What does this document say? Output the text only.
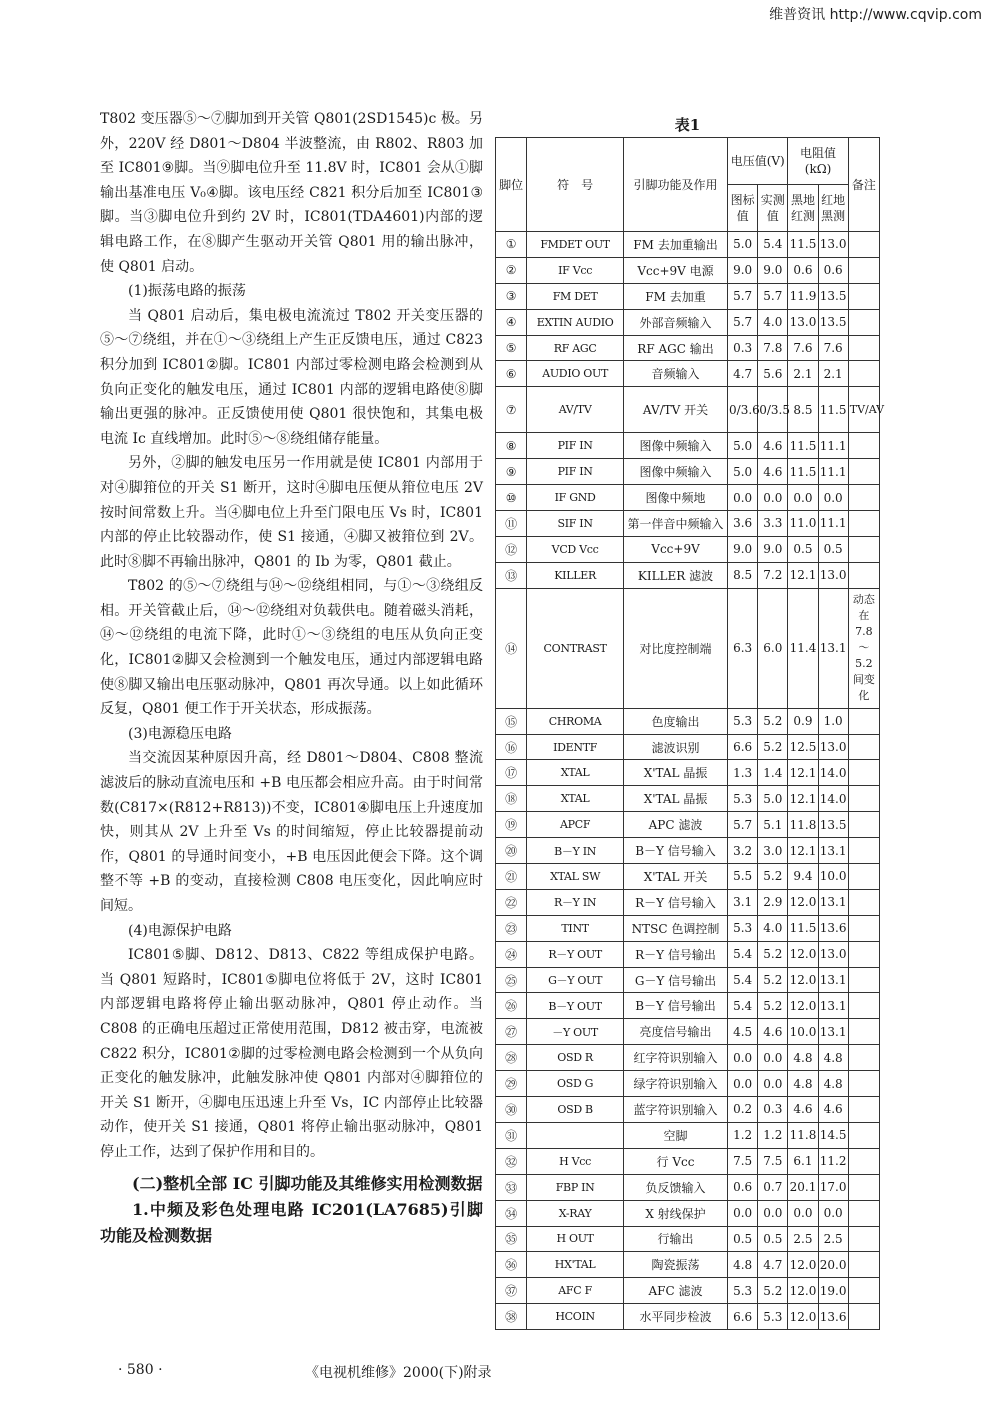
维普资讯 http://www.cqvip.com

T802 变压器⑤～⑦脚加到开关管 Q801(2SD1545)c 极。另外，220V 经 D801～D804 半波整流，由 R802、R803 加至 IC801⑨脚。当⑨脚电位升至 11.8V 时，IC801 会从①脚输出基准电压 V₀④脚。该电压经 C821 积分后加至 IC801③脚。当③脚电位升到约 2V 时，IC801(TDA4601)内部的逻辑电路工作，在⑧脚产生驱动开关管 Q801 用的输出脉冲，使 Q801 启动。

(1)振荡电路的振荡

当 Q801 启动后，集电极电流流过 T802 开关变压器的⑤～⑦绕组，并在①～③绕组上产生正反馈电压，通过 C823 积分加到 IC801②脚。IC801 内部过零检测电路会检测到从负向正变化的触发电压，通过 IC801 内部的逻辑电路使⑧脚输出更强的脉冲。正反馈使用使 Q801 很快饱和，其集电极电流 Ic 直线增加。此时⑤～⑧绕组储存能量。

另外，②脚的触发电压另一作用就是使 IC801 内部用于对④脚箝位的开关 S1 断开，这时④脚电压便从箝位电压 2V 按时间常数上升。当④脚电位上升至门限电压 Vs 时，IC801 内部的停止比较器动作，使 S1 接通，④脚又被箝位到 2V。此时⑧脚不再输出脉冲，Q801 的 Ib 为零，Q801 截止。

T802 的⑤～⑦绕组与⑭～⑫绕组相同，与①～③绕组反相。开关管截止后，⑭～⑫绕组对负载供电。随着磁头消耗，⑭～⑫绕组的电流下降，此时①～③绕组的电压从负向正变化，IC801②脚又会检测到一个触发电压，通过内部逻辑电路使⑧脚又输出电压驱动脉冲，Q801 再次导通。以上如此循环反复，Q801 便工作于开关状态，形成振荡。

(3)电源稳压电路

当交流因某种原因升高，经 D801～D804、C808 整流滤波后的脉动直流电压和 +B 电压都会相应升高。由于时间常数(C817×(R812+R813))不变，IC801④脚电压上升速度加快，则其从 2V 上升至 Vs 的时间缩短，停止比较器提前动作，Q801 的导通时间变小，+B 电压因此便会下降。这个调整不等 +B 的变动，直接检测 C808 电压变化，因此响应时间短。

(4)电源保护电路

IC801⑤脚、D812、D813、C822 等组成保护电路。当 Q801 短路时，IC801⑤脚电位将低于 2V，这时 IC801 内部逻辑电路将停止输出驱动脉冲，Q801 停止动作。当 C808 的正确电压超过正常使用范围，D812 被击穿，电流被 C822 积分，IC801②脚的过零检测电路会检测到一个从负向正变化的触发脉冲，此触发脉冲使 Q801 内部对④脚箝位的开关 S1 断开，④脚电压迅速上升至 Vs，IC 内部停止比较器动作，使开关 S1 接通，Q801 将停止输出驱动脉冲，Q801 停止工作，达到了保护作用和目的。

(二)整机全部 IC 引脚功能及其维修实用检测数据
1.中频及彩色处理电路 IC201(LA7685)引脚功能及检测数据
表1
脚位	符　号	引脚功能及作用	电压值(V)		电阻值(kΩ)		备注
			图标值	实测值	黑地红测	红地黑测	
①	FMDET OUT	FM 去加重输出	5.0	5.4	11.5	13.0	
②	IF Vcc	Vcc+9V 电源	9.0	9.0	0.6	0.6	
③	FM DET	FM 去加重	5.7	5.7	11.9	13.5	
④	EXTIN AUDIO	外部音频输入	5.7	4.0	13.0	13.5	
⑤	RF AGC	RF AGC 输出	0.3	7.8	7.6	7.6	
⑥	AUDIO OUT	音频输入	4.7	5.6	2.1	2.1	
⑦	AV/TV	AV/TV 开关	0/3.6	0/3.5	8.5	11.5	TV/AV
⑧	PIF IN	图像中频输入	5.0	4.6	11.5	11.1	
⑨	PIF IN	图像中频输入	5.0	4.6	11.5	11.1	
⑩	IF GND	图像中频地	0.0	0.0	0.0	0.0	
⑪	SIF IN	第一伴音中频输入	3.6	3.3	11.0	11.1	
⑫	VCD Vcc	Vcc+9V	9.0	9.0	0.5	0.5	
⑬	KILLER	KILLER 滤波	8.5	7.2	12.1	13.0	
⑭	CONTRAST	对比度控制端	6.3	6.0	11.4	13.1	动态在7.8～5.2间变化
⑮	CHROMA	色度输出	5.3	5.2	0.9	1.0	
⑯	IDENTF	滤波识别	6.6	5.2	12.5	13.0	
⑰	XTAL	X'TAL 晶振	1.3	1.4	12.1	14.0	
⑱	XTAL	X'TAL 晶振	5.3	5.0	12.1	14.0	
⑲	APCF	APC 滤波	5.7	5.1	11.8	13.5	
⑳	B－Y IN	B－Y 信号输入	3.2	3.0	12.1	13.1	
㉑	XTAL SW	X'TAL 开关	5.5	5.2	9.4	10.0	
㉒	R－Y IN	R－Y 信号输入	3.1	2.9	12.0	13.1	
㉓	TINT	NTSC 色调控制	5.3	4.0	11.5	13.6	
㉔	R－Y OUT	R－Y 信号输出	5.4	5.2	12.0	13.0	
㉕	G－Y OUT	G－Y 信号输出	5.4	5.2	12.0	13.1	
㉖	B－Y OUT	B－Y 信号输出	5.4	5.2	12.0	13.1	
㉗	－Y OUT	亮度信号输出	4.5	4.6	10.0	13.1	
㉘	OSD R	红字符识别输入	0.0	0.0	4.8	4.8	
㉙	OSD G	绿字符识别输入	0.0	0.0	4.8	4.8	
㉚	OSD B	蓝字符识别输入	0.2	0.3	4.6	4.6	
㉛		空脚	1.2	1.2	11.8	14.5	
㉜	H Vcc	行 Vcc	7.5	7.5	6.1	11.2	
㉝	FBP IN	负反馈输入	0.6	0.7	20.1	17.0	
㉞	X-RAY	X 射线保护	0.0	0.0	0.0	0.0	
㉟	H OUT	行输出	0.5	0.5	2.5	2.5	
㊱	HX'TAL	陶瓷振荡	4.8	4.7	12.0	20.0	
㊲	AFC F	AFC 滤波	5.3	5.2	12.0	19.0	
㊳	HCOIN	水平同步检波	6.6	5.3	12.0	13.6	
· 580 ·	《电视机维修》2000(下)附录
